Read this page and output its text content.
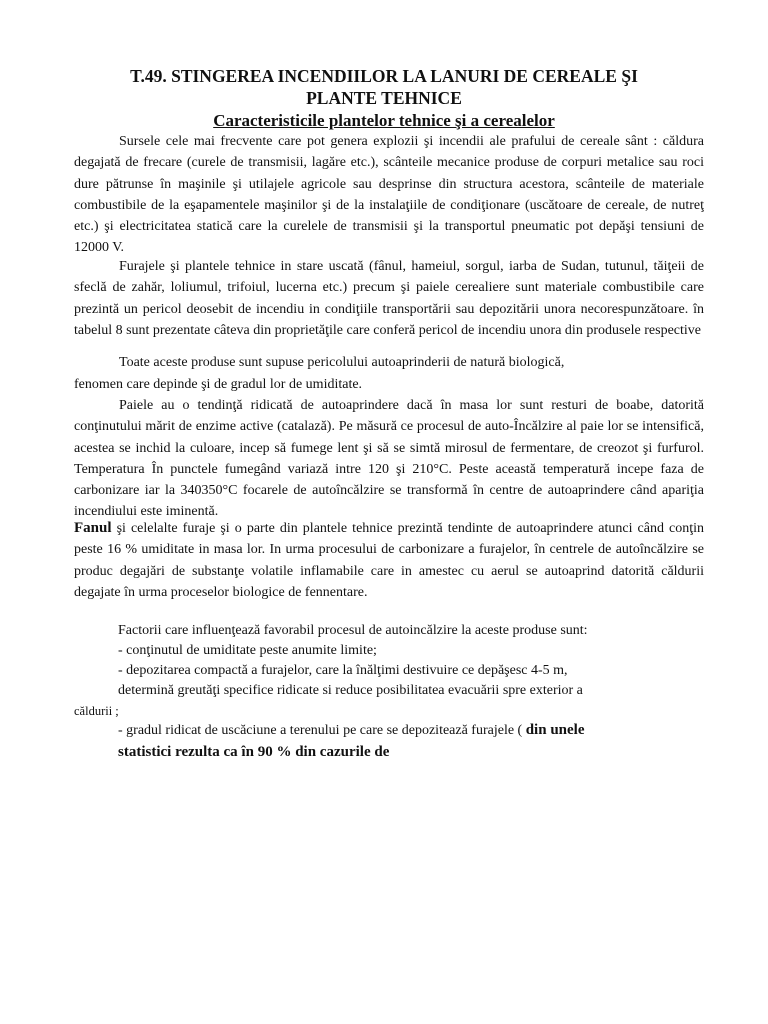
T.49. STINGEREA INCENDIILOR LA LANURI DE CEREALE ŞI
PLANTE TEHNICE
Caracteristicile plantelor tehnice şi a cerealelor

Sursele cele mai frecvente care pot genera explozii şi incendii ale prafului de cereale sânt : căldura degajată de frecare (curele de transmisii, lagăre etc.), scânteile mecanice produse de corpuri metalice sau roci dure pătrunse în maşinile şi utilajele agricole sau desprinse din structura acestora, scânteile de materiale combustibile de la eşapamentele maşinilor şi de la instalaţiile de condiţionare (uscătoare de cereale, de nutreţ etc.) şi electricitatea statică care la curelele de transmisii şi la transportul pneumatic pot depăşi tensiuni de 12000 V.

Furajele şi plantele tehnice in stare uscată (fânul, hameiul, sorgul, iarba de Sudan, tutunul, tăiţeii de sfeclă de zahăr, loliumul, trifoiul, lucerna etc.) precum şi paiele cerealiere sunt materiale combustibile care prezintă un pericol deosebit de incendiu in condiţiile transportării sau depozitării unora necorespunzătoare. în tabelul 8 sunt prezentate câteva din proprietăţile care conferă pericol de incendiu unora din produsele respective

Toate aceste produse sunt supuse pericolului autoaprinderii de natură biologică,

fenomen care depinde şi de gradul lor de umiditate.

Paiele au o tendinţă ridicată de autoaprindere dacă în masa lor sunt resturi de boabe, datorită conţinutului mărit de enzime active (catalază). Pe măsură ce procesul de auto-Încălzire al paie lor se intensifică, acestea se inchid la culoare, incep să fumege lent şi să se simtă mirosul de fermentare, de creozot şi furfurol. Temperatura În punctele fumegând variază intre 120 şi 210°C. Peste această temperatură incepe faza de carbonizare iar la 340350°C focarele de autoîncălzire se transformă în centre de autoaprindere când apariţia incendiului este iminentă.

Fanul şi celelalte furaje şi o parte din plantele tehnice prezintă tendinte de autoaprindere atunci când conţin peste 16 % umiditate in masa lor. In urma procesului de carbonizare a furajelor, în centrele de autoîncălzire se produc degajări de substanţe volatile inflamabile care in amestec cu aerul se autoaprind datorită căldurii degajate în urma proceselor biologice de fennentare.

Factorii care influenţează favorabil procesul de autoincălzire la aceste produse sunt:

- conţinutul de umiditate peste anumite limite;

- depozitarea compactă a furajelor, care la înălţimi destivuire ce depăşesc 4-5 m,

determină greutăţi specifice ridicate si reduce posibilitatea evacuării spre exterior a

căldurii ;

- gradul ridicat de uscăciune a terenului pe care se depozitează furajele ( din unele

statistici rezulta ca în 90 % din cazurile de
